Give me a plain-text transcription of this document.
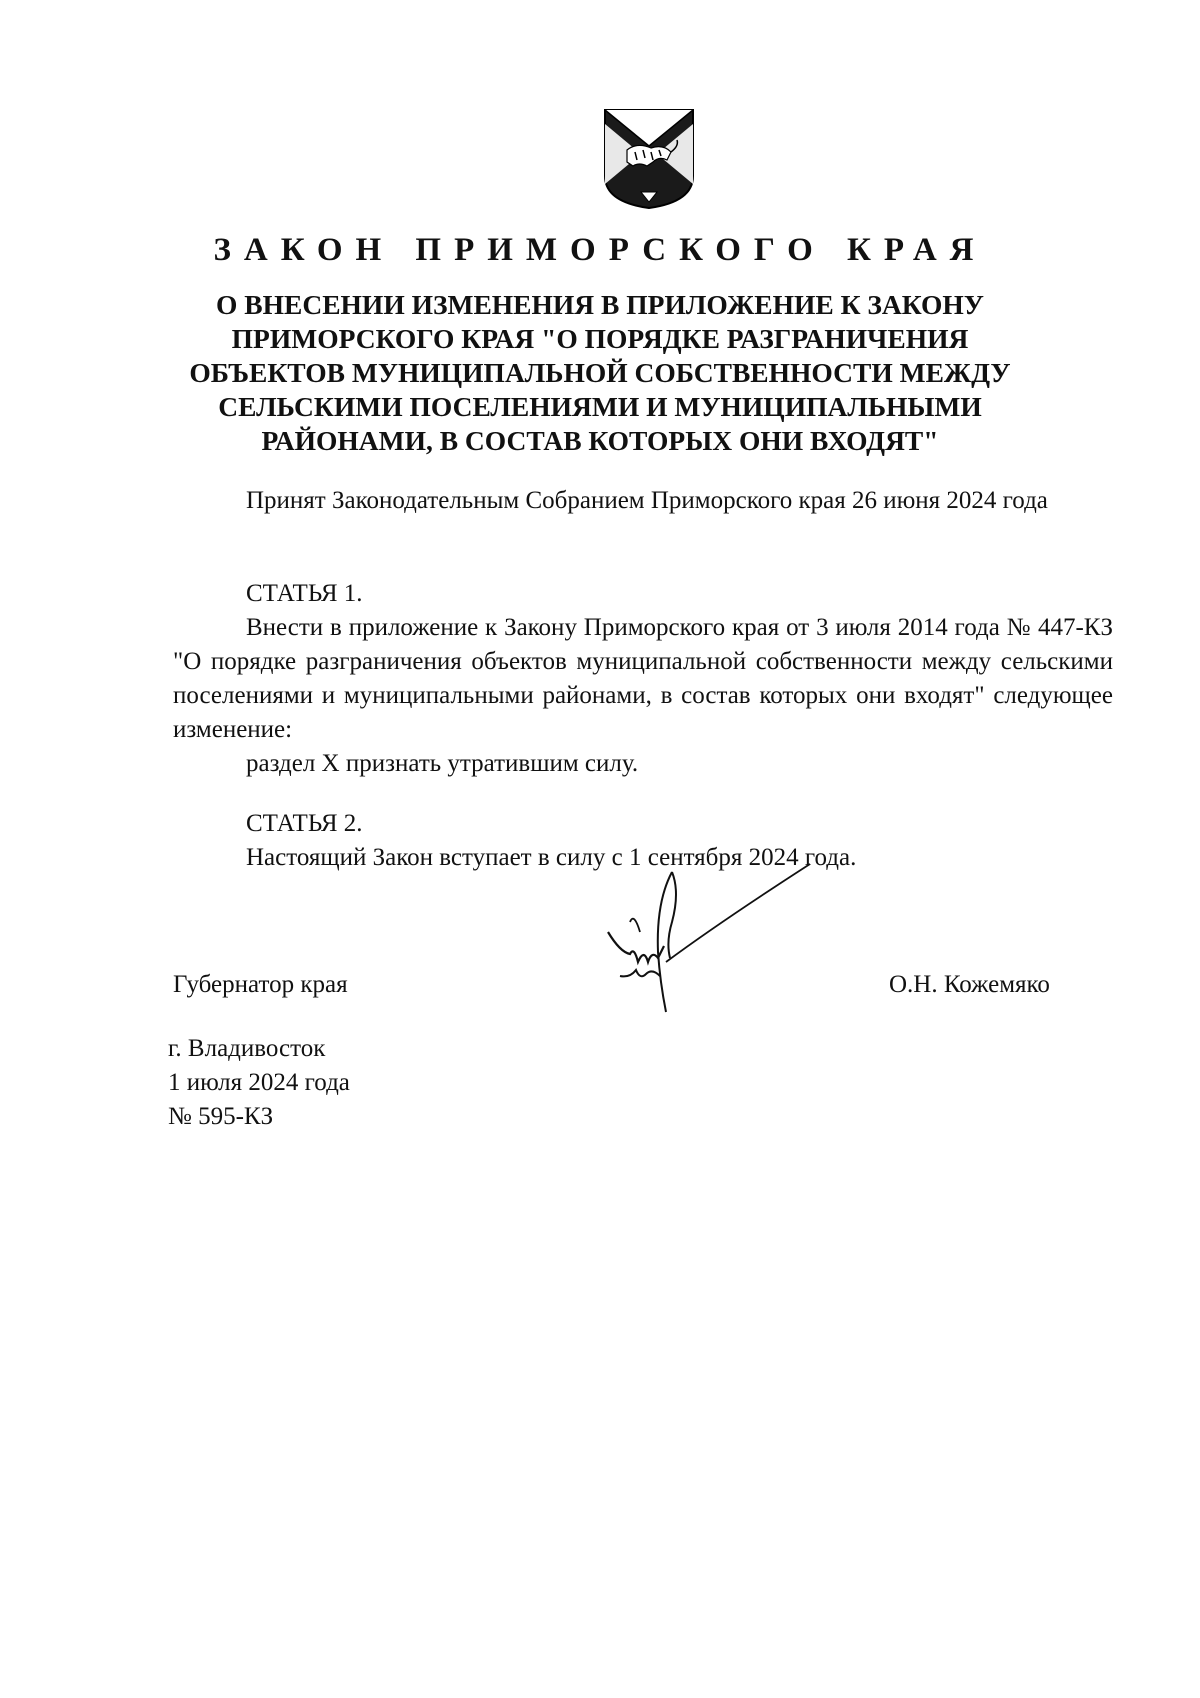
ЗАКОН ПРИМОРСКОГО КРАЯ
О ВНЕСЕНИИ ИЗМЕНЕНИЯ В ПРИЛОЖЕНИЕ К ЗАКОНУ
ПРИМОРСКОГО КРАЯ "О ПОРЯДКЕ РАЗГРАНИЧЕНИЯ
ОБЪЕКТОВ МУНИЦИПАЛЬНОЙ СОБСТВЕННОСТИ МЕЖДУ
СЕЛЬСКИМИ ПОСЕЛЕНИЯМИ И МУНИЦИПАЛЬНЫМИ
РАЙОНАМИ, В СОСТАВ КОТОРЫХ ОНИ ВХОДЯТ"

Принят Законодательным Собранием Приморского края 26 июня 2024 года

СТАТЬЯ 1.

Внести в приложение к Закону Приморского края от 3 июля 2014 года № 447-КЗ "О порядке разграничения объектов муниципальной собственности между сельскими поселениями и муниципальными районами, в состав которых они входят" следующее изменение:

раздел X признать утратившим силу.

СТАТЬЯ 2.

Настоящий Закон вступает в силу с 1 сентября 2024 года.

Губернатор края	О.Н. Кожемяко

г. Владивосток

1 июля 2024 года

№ 595-КЗ
